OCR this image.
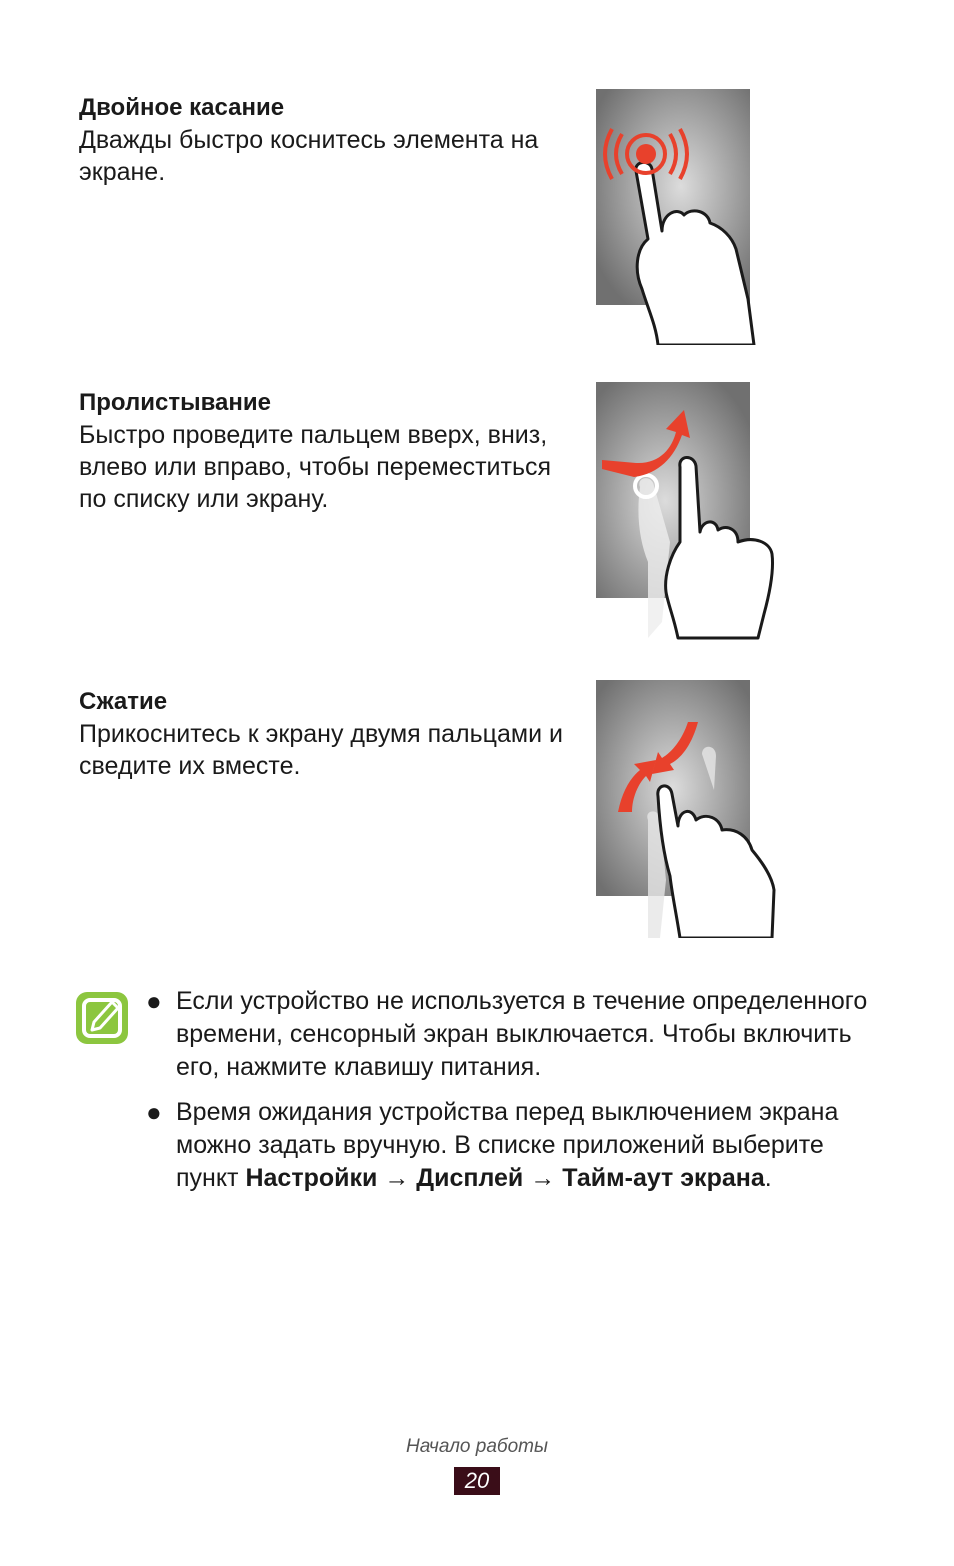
Двойное касание

Дважды быстро коснитесь элемента на экране.

Пролистывание

Быстро проведите пальцем вверх, вниз, влево или вправо, чтобы переместиться по списку или экрану.

Сжатие

Прикоснитесь к экрану двумя пальцами и сведите их вместе.

● Если устройство не используется в течение определенного времени, сенсорный экран выключается. Чтобы включить его, нажмите клавишу питания.
● Время ожидания устройства перед выключением экрана можно задать вручную. В списке приложений выберите пункт Настройки → Дисплей → Тайм-аут экрана.
Начало работы
20
